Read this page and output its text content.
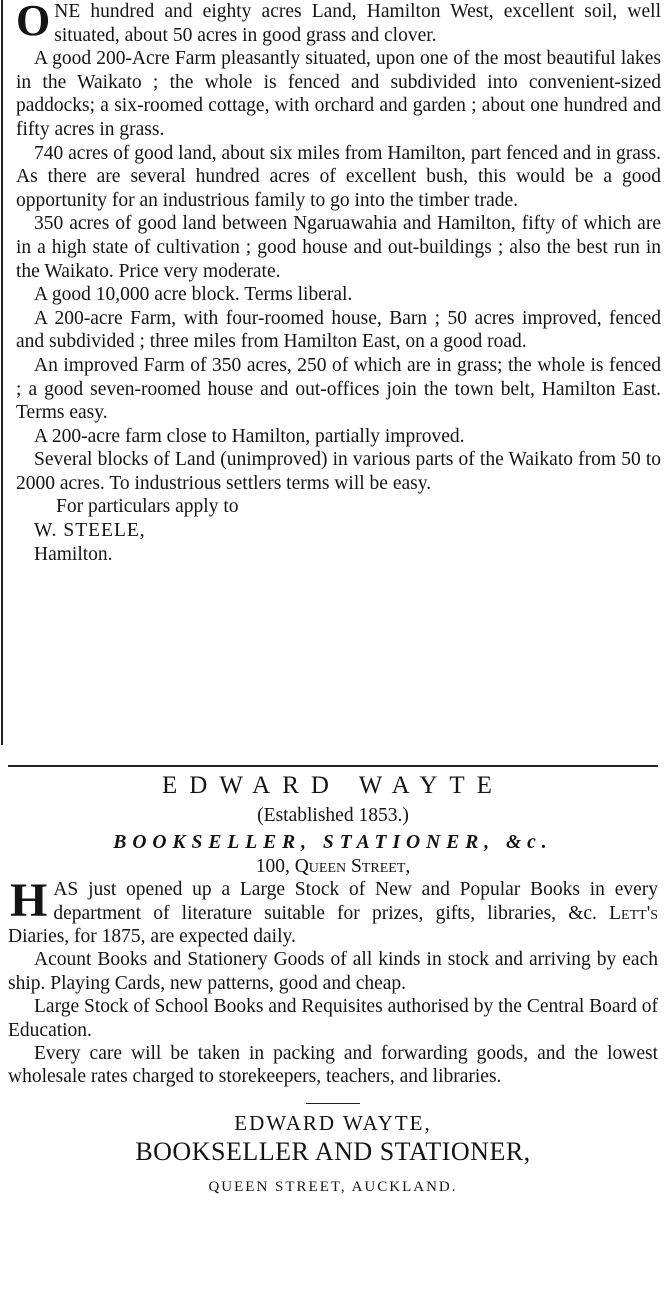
ONE hundred and eighty acres Land, Hamilton West, excellent soil, well situated, about 50 acres in good grass and clover.

A good 200-Acre Farm pleasantly situated, upon one of the most beautiful lakes in the Waikato ; the whole is fenced and subdivided into convenient-sized paddocks; a six-roomed cottage, with orchard and garden ; about one hundred and fifty acres in grass.

740 acres of good land, about six miles from Hamilton, part fenced and in grass. As there are several hundred acres of excellent bush, this would be a good opportunity for an industrious family to go into the timber trade.

350 acres of good land between Ngaruawahia and Hamilton, fifty of which are in a high state of cultivation ; good house and out-buildings ; also the best run in the Waikato. Price very moderate.

A good 10,000 acre block. Terms liberal.

A 200-acre Farm, with four-roomed house, Barn ; 50 acres improved, fenced and subdivided ; three miles from Hamilton East, on a good road.

An improved Farm of 350 acres, 250 of which are in grass; the whole is fenced ; a good seven-roomed house and out-offices join the town belt, Hamilton East. Terms easy.

A 200-acre farm close to Hamilton, partially improved.

Several blocks of Land (unimproved) in various parts of the Waikato from 50 to 2000 acres. To industrious settlers terms will be easy.

For particulars apply to

W. STEELE,

Hamilton.

EDWARD WAYTE
(Established 1853.)
BOOKSELLER, STATIONER, &c.
100, Queen Street,

HAS just opened up a Large Stock of New and Popular Books in every department of literature suitable for prizes, gifts, libraries, &c. Lett's Diaries, for 1875, are expected daily.

Acount Books and Stationery Goods of all kinds in stock and arriving by each ship. Playing Cards, new patterns, good and cheap.

Large Stock of School Books and Requisites authorised by the Central Board of Education.

Every care will be taken in packing and forwarding goods, and the lowest wholesale rates charged to storekeepers, teachers, and libraries.

EDWARD WAYTE,
BOOKSELLER AND STATIONER,
QUEEN STREET, AUCKLAND.
